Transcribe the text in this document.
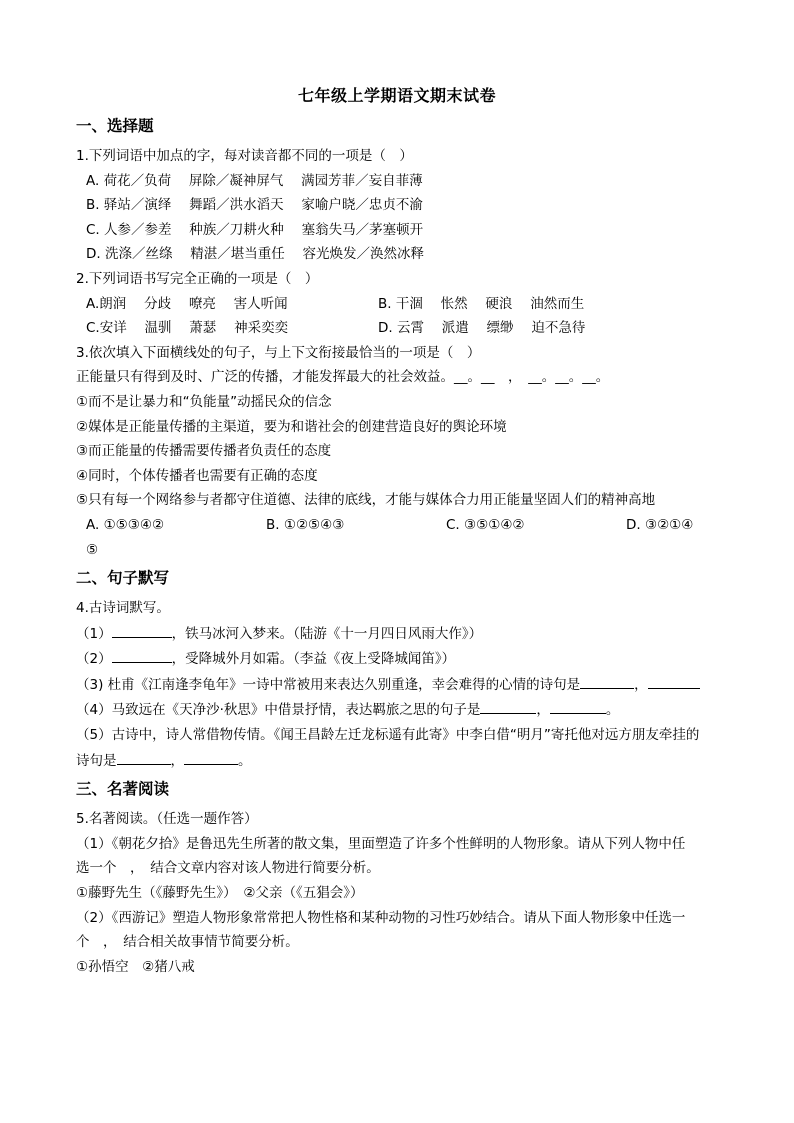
七年级上学期语文期末试卷
一、选择题
1.下列词语中加点的字，每对读音都不同的一项是（　）
A. 荷花／负荷　 屏除／凝神屏气　 满园芳菲／妄自菲薄
B. 驿站／演绎　 舞蹈／洪水滔天　 家喻户晓／忠贞不渝
C. 人参／参差　 种族／刀耕火种　 塞翁失马／茅塞顿开
D. 洗涤／丝绦　 精湛／堪当重任　 容光焕发／涣然冰释
2.下列词语书写完全正确的一项是（　）
A.朗润　 分歧　 嘹亮　 害人听闻	B. 干涸　 怅然　 硬浪　 油然而生
C.安详　 温驯　 萧瑟　 神采奕奕	D. 云霄　 派遣　 缥缈　 迫不急待
3.依次填入下面横线处的句子，与上下文衔接最恰当的一项是（　）
正能量只有得到及时、广泛的传播，才能发挥最大的社会效益。__。__　，　__。__。__。
①而不是让暴力和“负能量”动摇民众的信念
②媒体是正能量传播的主渠道，要为和谐社会的创建营造良好的舆论环境
③而正能量的传播需要传播者负责任的态度
④同时，个体传播者也需要有正确的态度
⑤只有每一个网络参与者都守住道德、法律的底线，才能与媒体合力用正能量坚固人们的精神高地
A. ①⑤③④②	B. ①②⑤④③	C. ③⑤①④②	D. ③②①④
⑤
二、句子默写
4.古诗词默写。
（1）	，铁马冰河入梦来。（陆游《十一月四日风雨大作》）
（2）	，受降城外月如霜。（李益《夜上受降城闻笛》）
（3) 杜甫《江南逢李龟年》一诗中常被用来表达久别重逢，幸会难得的心情的诗句是	，
（4）马致远在《天净沙·秋思》中借景抒情，表达羁旅之思的句子是	，	。
（5）古诗中，诗人常借物传情。《闻王昌龄左迁龙标遥有此寄》中李白借“明月”寄托他对远方朋友牵挂的
诗句是	，	。
三、名著阅读
5.名著阅读。（任选一题作答）
（1）《朝花夕拾》是鲁迅先生所著的散文集，里面塑造了许多个性鲜明的人物形象。请从下列人物中任
选一个　，　结合文章内容对该人物进行简要分析。
①藤野先生（《藤野先生》）　②父亲（《五猖会》）
（2）《西游记》塑造人物形象常常把人物性格和某种动物的习性巧妙结合。请从下面人物形象中任选一
个　，　结合相关故事情节简要分析。
①孙悟空　②猪八戒
